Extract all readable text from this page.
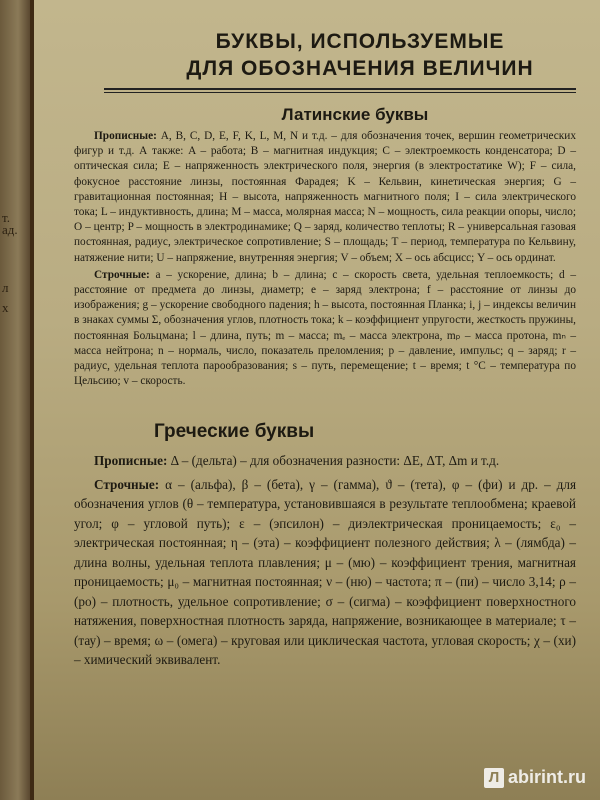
т.
ад.
л
х
БУКВЫ, ИСПОЛЬЗУЕМЫЕ
ДЛЯ ОБОЗНАЧЕНИЯ ВЕЛИЧИН
Латинские буквы

Прописные: A, B, C, D, E, F, K, L, M, N и т.д. – для обозначения точек, вершин геометрических фигур и т.д. А также: A – работа; B – магнитная индукция; C – электроемкость конденсатора; D – оптическая сила; E – напряженность электрического поля, энергия (в электростатике W); F – сила, фокусное расстояние линзы, постоянная Фарадея; K – Кельвин, кинетическая энергия; G – гравитационная постоянная; H – высота, напряженность магнитного поля; I – сила электрического тока; L – индуктивность, длина; M – масса, молярная масса; N – мощность, сила реакции опоры, число; O – центр; P – мощность в электродинамике; Q – заряд, количество теплоты; R – универсальная газовая постоянная, радиус, электрическое сопротивление; S – площадь; T – период, температура по Кельвину, натяжение нити; U – напряжение, внутренняя энергия; V – объем; X – ось абсцисс; Y – ось ординат.

Строчные: a – ускорение, длина; b – длина; c – скорость света, удельная теплоемкость; d – расстояние от предмета до линзы, диаметр; e – заряд электрона; f – расстояние от линзы до изображения; g – ускорение свободного падения; h – высота, постоянная Планка; i, j – индексы величин в знаках суммы Σ, обозначения углов, плотность тока; k – коэффициент упругости, жесткость пружины, постоянная Больцмана; l – длина, путь; m – масса; mₑ – масса электрона, mₚ – масса протона, mₙ – масса нейтрона; n – нормаль, число, показатель преломления; p – давление, импульс; q – заряд; r – радиус, удельная теплота парообразования; s – путь, перемещение; t – время; t °С – температура по Цельсию; v – скорость.

Греческие буквы

Прописные: Δ – (дельта) – для обозначения разности: ΔE, ΔT, Δm и т.д.

Строчные: α – (альфа), β – (бета), γ – (гамма), ϑ – (тета), φ – (фи) и др. – для обозначения углов (θ – температура, установившаяся в результате теплообмена; краевой угол; φ – угловой путь); ε – (эпсилон) – диэлектрическая проницаемость; ε₀ – электрическая постоянная; η – (эта) – коэффициент полезного действия; λ – (лямбда) – длина волны, удельная теплота плавления; μ – (мю) – коэффициент трения, магнитная проницаемость; μ₀ – магнитная постоянная; ν – (ню) – частота; π – (пи) – число 3,14; ρ – (ро) – плотность, удельное сопротивление; σ – (сигма) – коэффициент поверхностного натяжения, поверхностная плотность заряда, напряжение, возникающее в материале; τ – (тау) – время; ω – (омега) – круговая или циклическая частота, угловая скорость; χ – (хи) – химический эквивалент.

Л abirint.ru
